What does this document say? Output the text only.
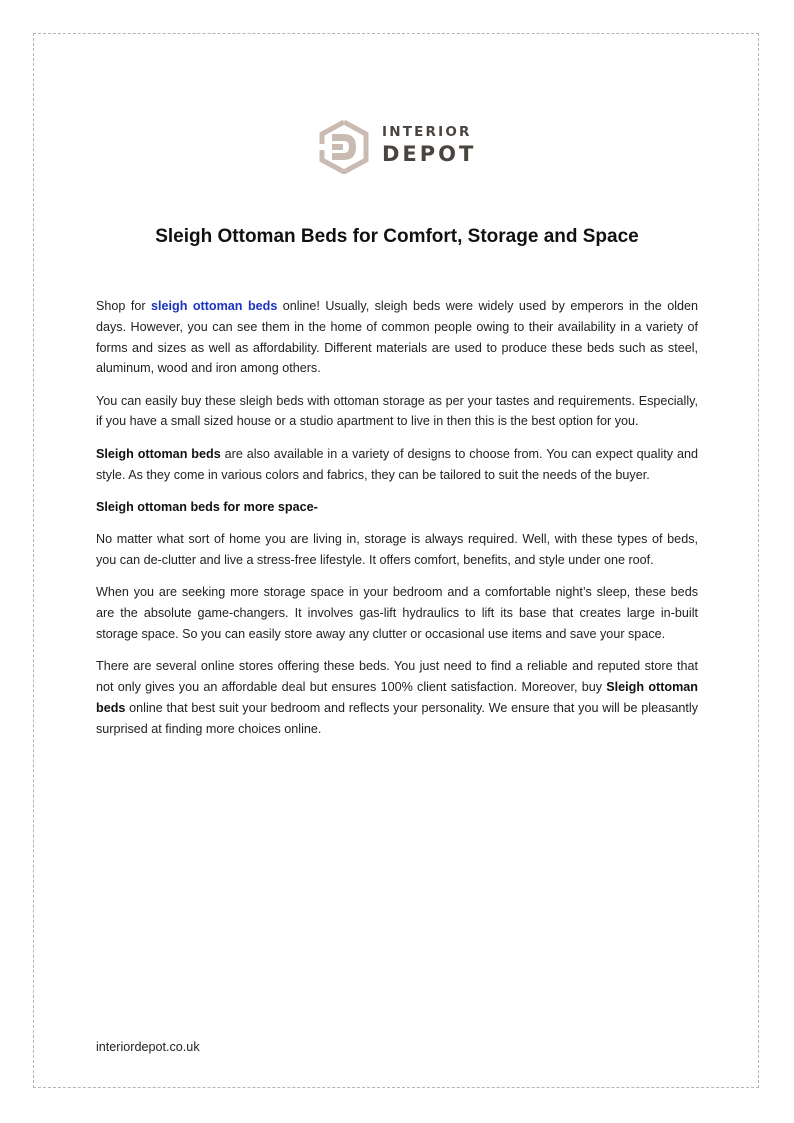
INTERIOR
DEPOT
Sleigh Ottoman Beds for Comfort, Storage and Space

Shop for sleigh ottoman beds online! Usually, sleigh beds were widely used by emperors in the olden days. However, you can see them in the home of common people owing to their availability in a variety of forms and sizes as well as affordability. Different materials are used to produce these beds such as steel, aluminum, wood and iron among others.

You can easily buy these sleigh beds with ottoman storage as per your tastes and requirements. Especially, if you have a small sized house or a studio apartment to live in then this is the best option for you.

Sleigh ottoman beds are also available in a variety of designs to choose from. You can expect quality and style. As they come in various colors and fabrics, they can be tailored to suit the needs of the buyer.

Sleigh ottoman beds for more space-

No matter what sort of home you are living in, storage is always required. Well, with these types of beds, you can de-clutter and live a stress-free lifestyle. It offers comfort, benefits, and style under one roof.

When you are seeking more storage space in your bedroom and a comfortable night’s sleep, these beds are the absolute game-changers. It involves gas-lift hydraulics to lift its base that creates large in-built storage space. So you can easily store away any clutter or occasional use items and save your space.

There are several online stores offering these beds. You just need to find a reliable and reputed store that not only gives you an affordable deal but ensures 100% client satisfaction. Moreover, buy Sleigh ottoman beds online that best suit your bedroom and reflects your personality. We ensure that you will be pleasantly surprised at finding more choices online.

interiordepot.co.uk
